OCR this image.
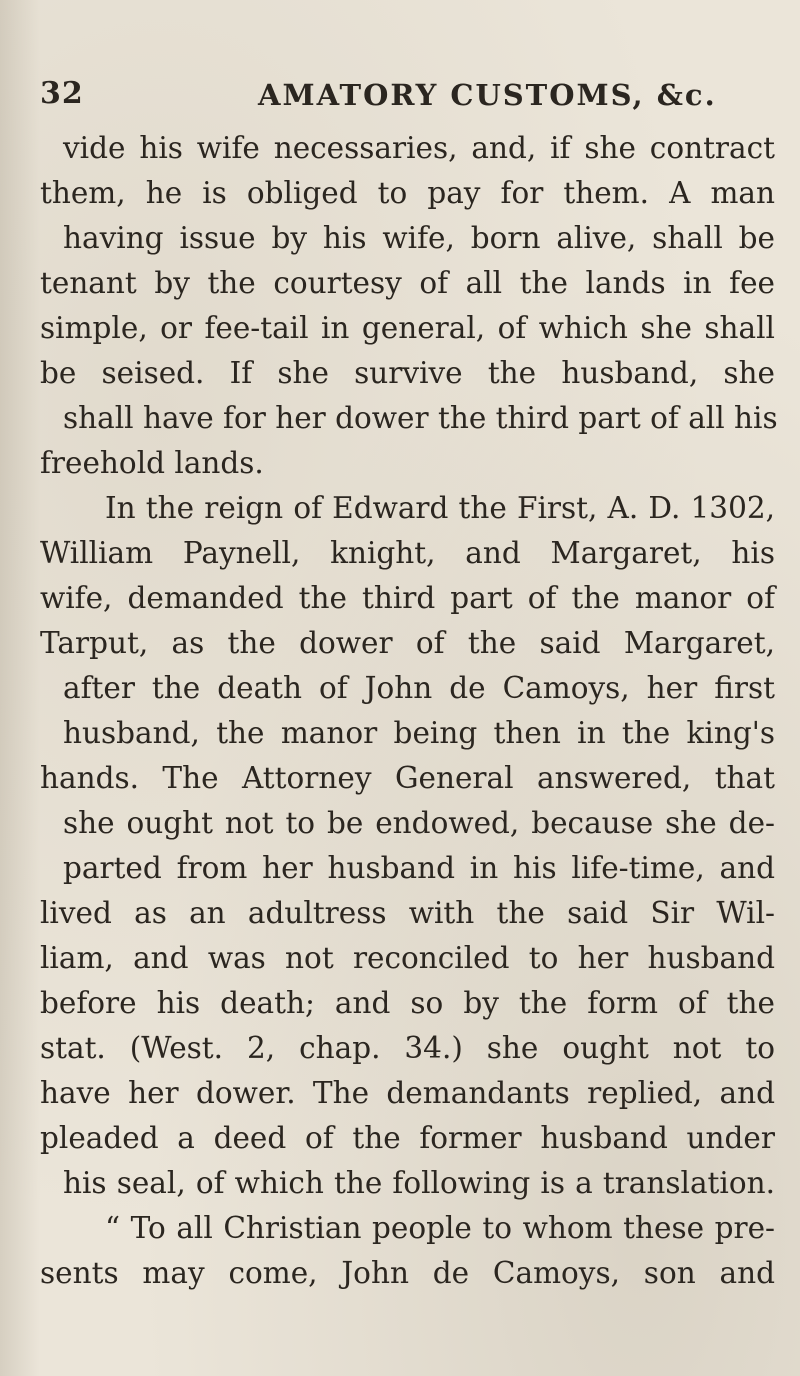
32	AMATORY CUSTOMS, &c.
vide his wife necessaries, and, if she contract
them, he is obliged to pay for them. A man
having issue by his wife, born alive, shall be
tenant by the courtesy of all the lands in fee
simple, or fee-tail in general, of which she shall
be seised. If she survive the husband, she
shall have for her dower the third part of all his
freehold lands.
In the reign of Edward the First, A. D. 1302,
William Paynell, knight, and Margaret, his
wife, demanded the third part of the manor of
Tarput, as the dower of the said Margaret,
after the death of John de Camoys, her first
husband, the manor being then in the king's
hands. The Attorney General answered, that
she ought not to be endowed, because she de-
parted from her husband in his life-time, and
lived as an adultress with the said Sir Wil-
liam, and was not reconciled to her husband
before his death; and so by the form of the
stat. (West. 2, chap. 34.) she ought not to
have her dower. The demandants replied, and
pleaded a deed of the former husband under
his seal, of which the following is a translation.
“ To all Christian people to whom these pre-
sents may come, John de Camoys, son and
